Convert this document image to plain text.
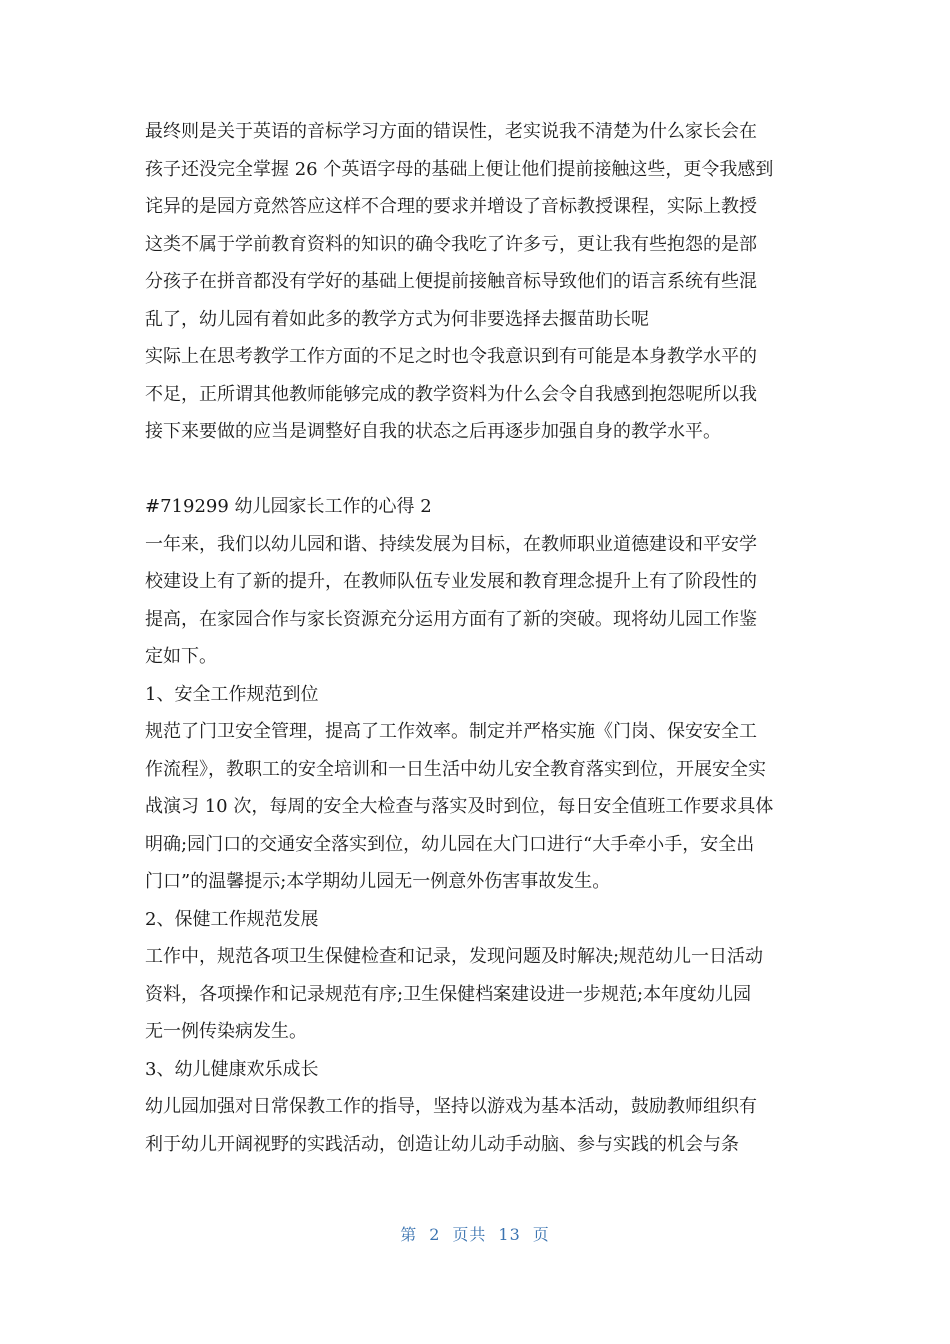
最终则是关于英语的音标学习方面的错误性，老实说我不清楚为什么家长会在
孩子还没完全掌握 26 个英语字母的基础上便让他们提前接触这些，更令我感到
诧异的是园方竟然答应这样不合理的要求并增设了音标教授课程，实际上教授
这类不属于学前教育资料的知识的确令我吃了许多亏，更让我有些抱怨的是部
分孩子在拼音都没有学好的基础上便提前接触音标导致他们的语言系统有些混
乱了，幼儿园有着如此多的教学方式为何非要选择去揠苗助长呢
实际上在思考教学工作方面的不足之时也令我意识到有可能是本身教学水平的
不足，正所谓其他教师能够完成的教学资料为什么会令自我感到抱怨呢所以我
接下来要做的应当是调整好自我的状态之后再逐步加强自身的教学水平。
#719299 幼儿园家长工作的心得 2
一年来，我们以幼儿园和谐、持续发展为目标，在教师职业道德建设和平安学
校建设上有了新的提升，在教师队伍专业发展和教育理念提升上有了阶段性的
提高，在家园合作与家长资源充分运用方面有了新的突破。现将幼儿园工作鉴
定如下。
1、安全工作规范到位
规范了门卫安全管理，提高了工作效率。制定并严格实施《门岗、保安安全工
作流程》，教职工的安全培训和一日生活中幼儿安全教育落实到位，开展安全实
战演习 10 次，每周的安全大检查与落实及时到位，每日安全值班工作要求具体
明确;园门口的交通安全落实到位，幼儿园在大门口进行“大手牵小手，安全出
门口”的温馨提示;本学期幼儿园无一例意外伤害事故发生。
2、保健工作规范发展
工作中，规范各项卫生保健检查和记录，发现问题及时解决;规范幼儿一日活动
资料，各项操作和记录规范有序;卫生保健档案建设进一步规范;本年度幼儿园
无一例传染病发生。
3、幼儿健康欢乐成长
幼儿园加强对日常保教工作的指导，坚持以游戏为基本活动，鼓励教师组织有
利于幼儿开阔视野的实践活动，创造让幼儿动手动脑、参与实践的机会与条
第 2 页共 13 页
